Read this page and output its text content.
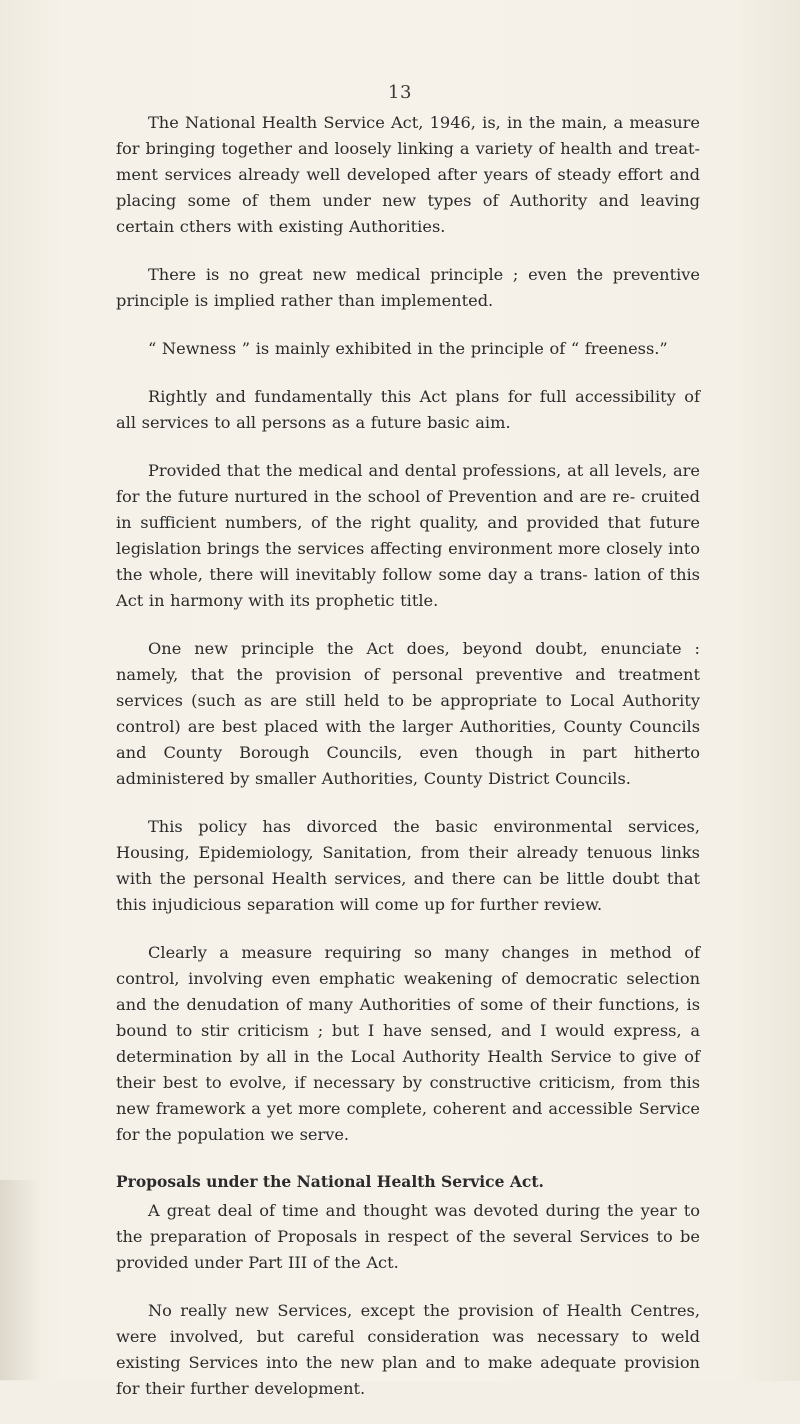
13

The National Health Service Act, 1946, is, in the main, a measure for bringing together and loosely linking a variety of health and treat- ment services already well developed after years of steady effort and placing some of them under new types of Authority and leaving certain cthers with existing Authorities.

There is no great new medical principle ; even the preventive principle is implied rather than implemented.

“ Newness ” is mainly exhibited in the principle of “ freeness.”

Rightly and fundamentally this Act plans for full accessibility of all services to all persons as a future basic aim.

Provided that the medical and dental professions, at all levels, are for the future nurtured in the school of Prevention and are re- cruited in sufficient numbers, of the right quality, and provided that future legislation brings the services affecting environment more closely into the whole, there will inevitably follow some day a trans- lation of this Act in harmony with its prophetic title.

One new principle the Act does, beyond doubt, enunciate : namely, that the provision of personal preventive and treatment services (such as are still held to be appropriate to Local Authority control) are best placed with the larger Authorities, County Councils and County Borough Councils, even though in part hitherto administered by smaller Authorities, County District Councils.

This policy has divorced the basic environmental services, Housing, Epidemiology, Sanitation, from their already tenuous links with the personal Health services, and there can be little doubt that this injudicious separation will come up for further review.

Clearly a measure requiring so many changes in method of control, involving even emphatic weakening of democratic selection and the denudation of many Authorities of some of their functions, is bound to stir criticism ; but I have sensed, and I would express, a determination by all in the Local Authority Health Service to give of their best to evolve, if necessary by constructive criticism, from this new framework a yet more complete, coherent and accessible Service for the population we serve.

Proposals under the National Health Service Act.

A great deal of time and thought was devoted during the year to the preparation of Proposals in respect of the several Services to be provided under Part III of the Act.

No really new Services, except the provision of Health Centres, were involved, but careful consideration was necessary to weld existing Services into the new plan and to make adequate provision for their further development.
